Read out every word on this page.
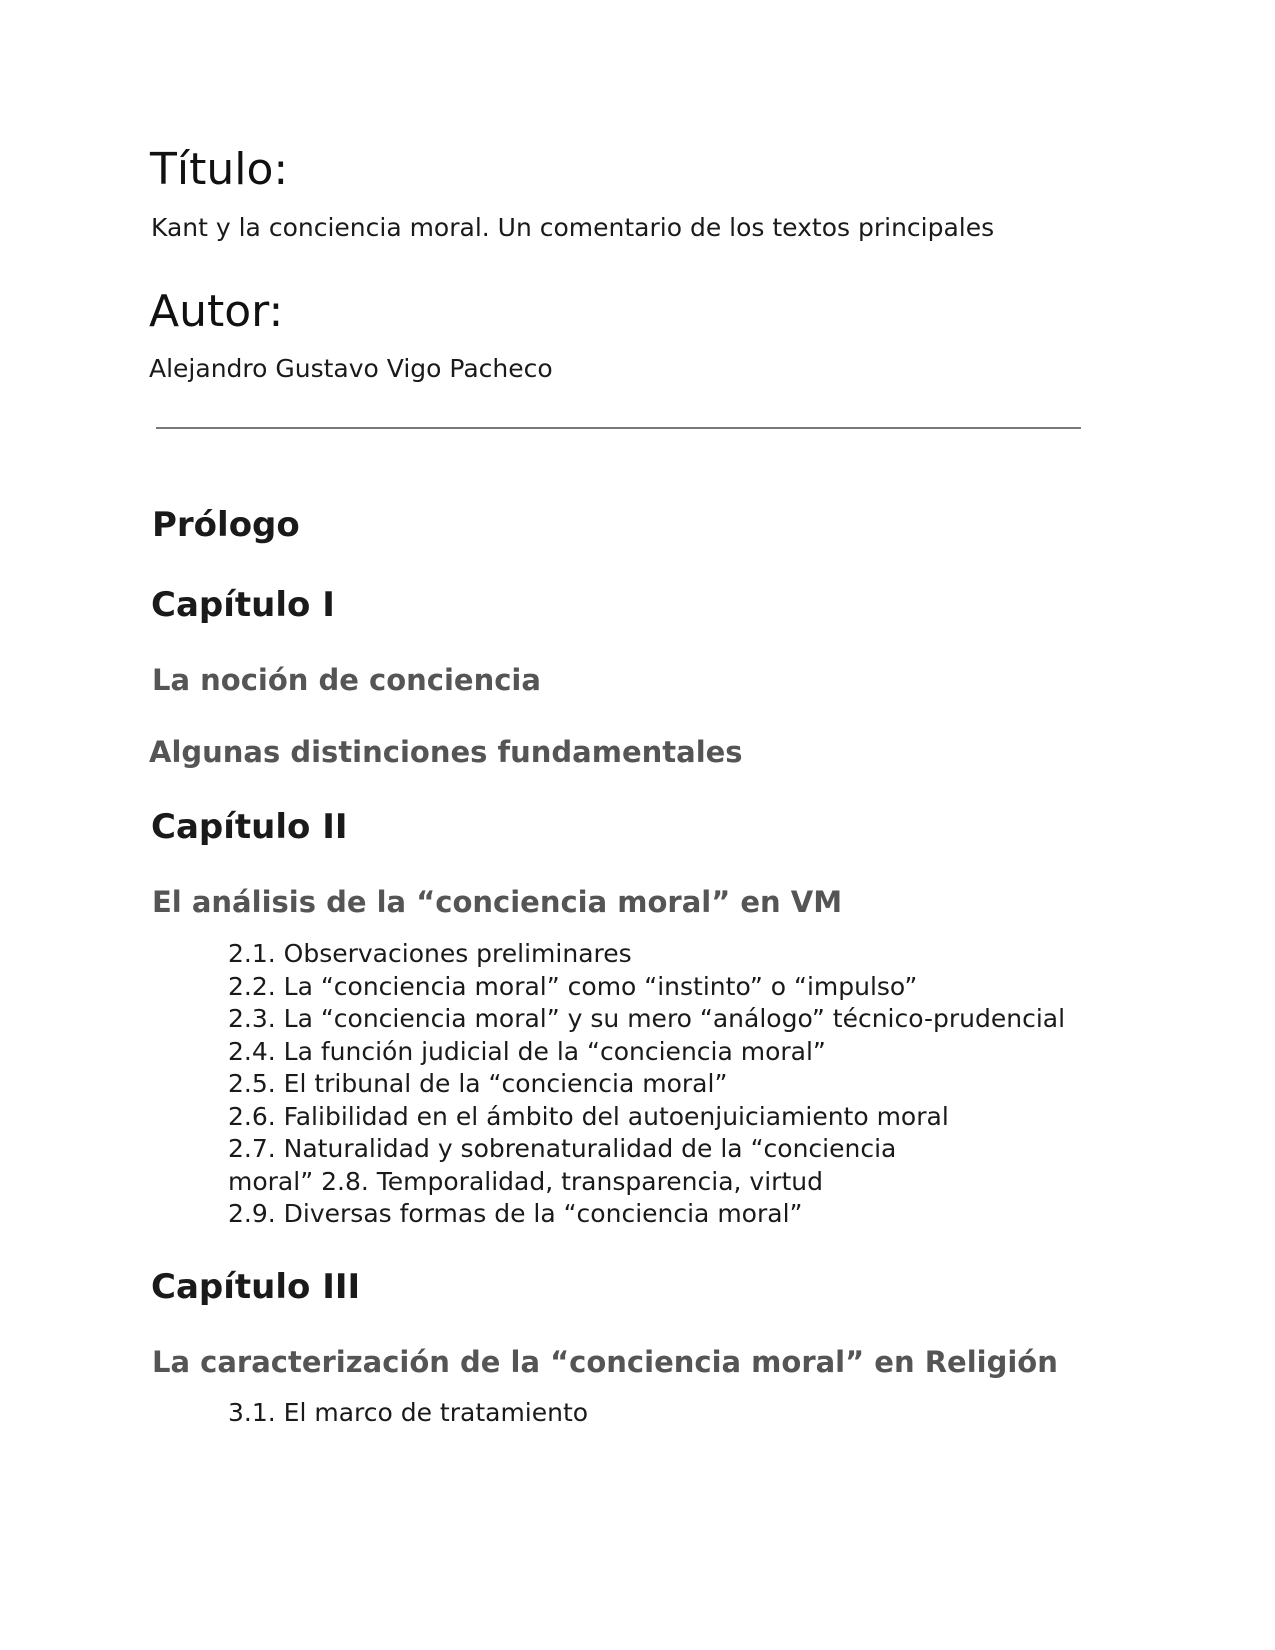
Título:

Kant y la conciencia moral. Un comentario de los textos principales

Autor:

Alejandro Gustavo Vigo Pacheco

Prólogo
Capítulo I
La noción de conciencia
Algunas distinciones fundamentales
Capítulo II
El análisis de la “conciencia moral” en VM
2.1. Observaciones preliminares
2.2. La “conciencia moral” como “instinto” o “impulso”
2.3. La “conciencia moral” y su mero “análogo” técnico-prudencial
2.4. La función judicial de la “conciencia moral”
2.5. El tribunal de la “conciencia moral”
2.6. Falibilidad en el ámbito del autoenjuiciamiento moral
2.7. Naturalidad y sobrenaturalidad de la “conciencia
moral” 2.8. Temporalidad, transparencia, virtud
2.9. Diversas formas de la “conciencia moral”
Capítulo III
La caracterización de la “conciencia moral” en Religión
3.1. El marco de tratamiento
